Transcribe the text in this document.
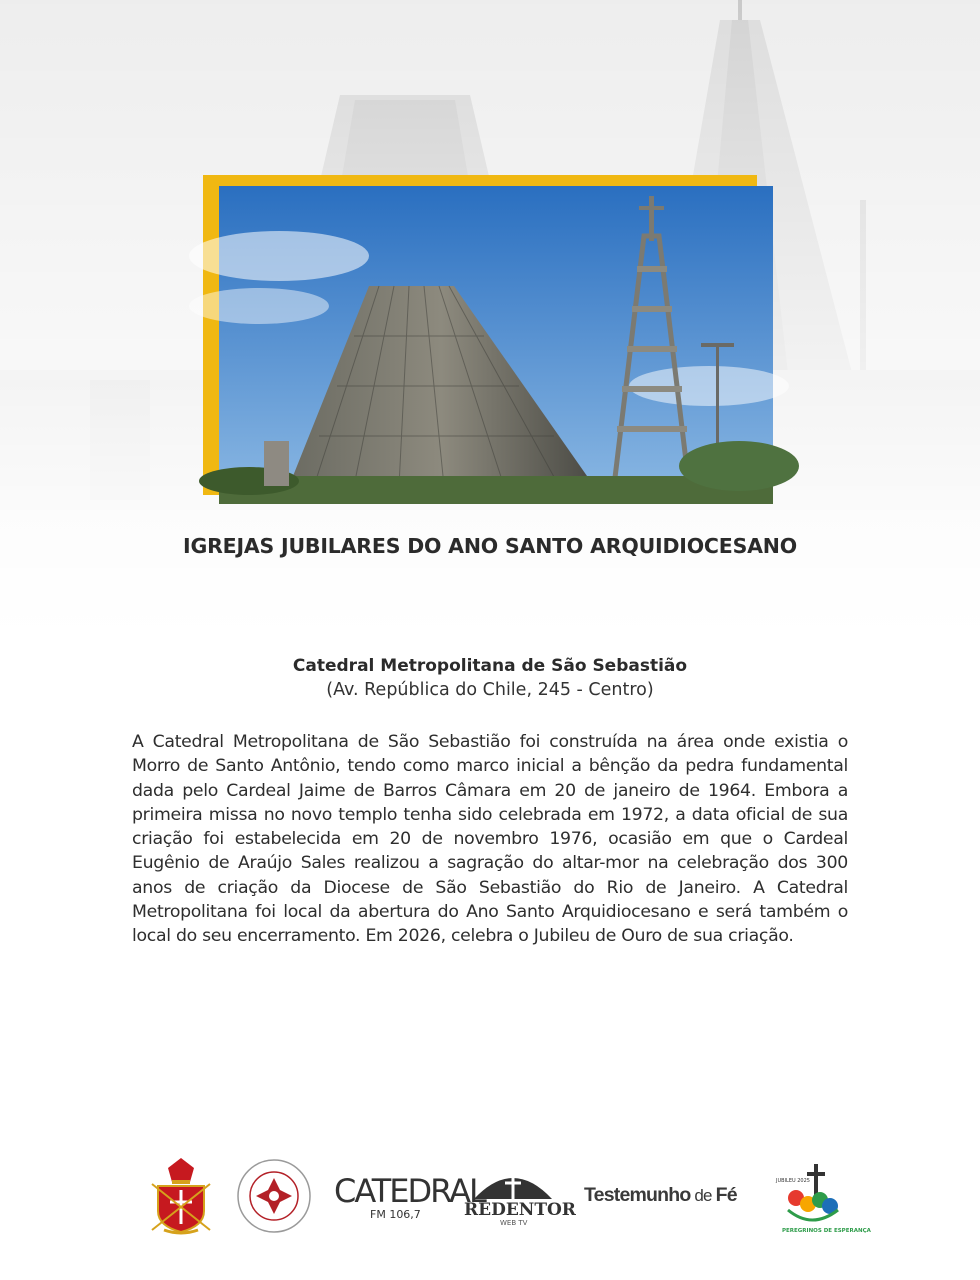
IGREJAS JUBILARES DO ANO SANTO ARQUIDIOCESANO
Catedral Metropolitana de São Sebastião
(Av. República do Chile, 245 - Centro)
A Catedral Metropolitana de São Sebastião foi construída na área onde existia o Morro de Santo Antônio, tendo como marco inicial a bênção da pedra fundamental dada pelo Cardeal Jaime de Barros Câmara em 20 de janeiro de 1964. Embora a primeira missa no novo templo tenha sido celebrada em 1972, a data oficial de sua criação foi estabelecida em 20 de novembro 1976, ocasião em que o Cardeal Eugênio de Araújo Sales realizou a sagração do altar-mor na celebração dos 300 anos de criação da Diocese de São Sebastião do Rio de Janeiro. A Catedral Metropolitana foi local da abertura do Ano Santo Arquidiocesano e será também o local do seu encerramento. Em 2026, celebra o Jubileu de Ouro de sua criação.
CATEDRAL
FM 106,7	REDENTOR
WEB TV
Testemunho de Fé
PEREGRINOS DE ESPERANÇA
JUBILEU 2025
